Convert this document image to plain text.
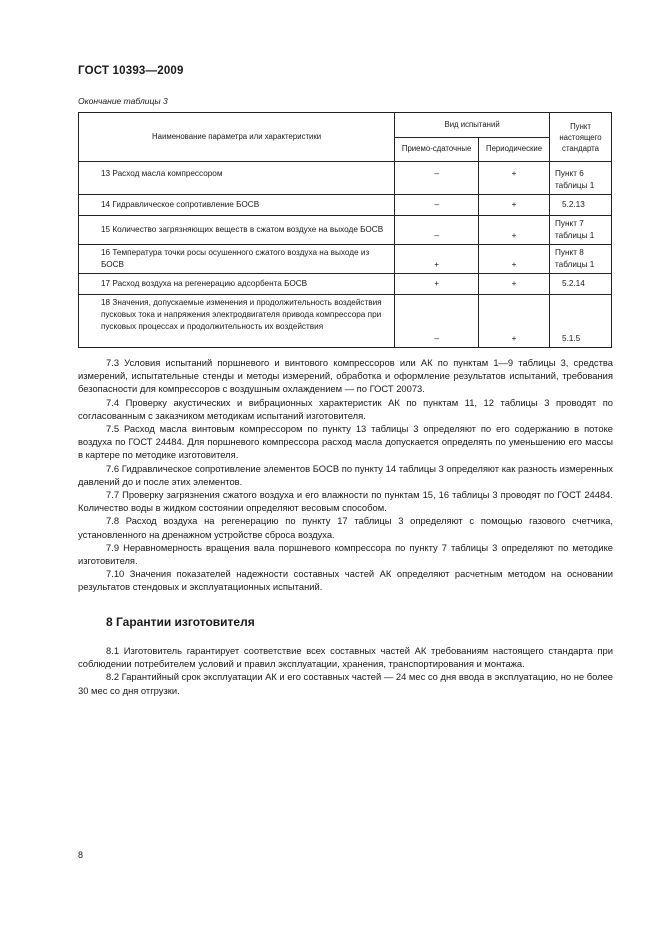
ГОСТ 10393—2009
Окончание таблицы 3
Наименование параметра или характеристики	Вид испытаний		Пункт настоящего стандарта
	Приемо-сдаточные	Периодические	
13 Расход масла компрессором	–	+	Пункт 6 таблицы 1
14 Гидравлическое сопротивление БОСВ	–	+	5.2.13
15 Количество загрязняющих веществ в сжатом воздухе на выходе БОСВ	–	+	Пункт 7 таблицы 1
16 Температура точки росы осушенного сжатого воздуха на выходе из БОСВ	+	+	Пункт 8 таблицы 1
17 Расход воздуха на регенерацию адсорбента БОСВ	+	+	5.2.14
18 Значения, допускаемые изменения и продолжительность воздействия пусковых тока и напряжения электродвигателя привода компрессора при пусковых процессах и продолжительность их воздействия	–	+	5.1.5

7.3 Условия испытаний поршневого и винтового компрессоров или АК по пунктам 1—9 таблицы 3, средства измерений, испытательные стенды и методы измерений, обработка и оформление результатов испытаний, требования безопасности для компрессоров с воздушным охлаждением — по ГОСТ 20073.

7.4 Проверку акустических и вибрационных характеристик АК по пунктам 11, 12 таблицы 3 проводят по согласованным с заказчиком методикам испытаний изготовителя.

7.5 Расход масла винтовым компрессором по пункту 13 таблицы 3 определяют по его содержанию в потоке воздуха по ГОСТ 24484. Для поршневого компрессора расход масла допускается определять по уменьшению его массы в картере по методике изготовителя.

7.6 Гидравлическое сопротивление элементов БОСВ по пункту 14 таблицы 3 определяют как разность измеренных давлений до и после этих элементов.

7.7 Проверку загрязнения сжатого воздуха и его влажности по пунктам 15, 16 таблицы 3 проводят по ГОСТ 24484. Количество воды в жидком состоянии определяют весовым способом.

7.8 Расход воздуха на регенерацию по пункту 17 таблицы 3 определяют с помощью газового счетчика, установленного на дренажном устройстве сброса воздуха.

7.9 Неравномерность вращения вала поршневого компрессора по пункту 7 таблицы 3 определяют по методике изготовителя.

7.10 Значения показателей надежности составных частей АК определяют расчетным методом на основании результатов стендовых и эксплуатационных испытаний.

8 Гарантии изготовителя

8.1 Изготовитель гарантирует соответствие всех составных частей АК требованиям настоящего стандарта при соблюдении потребителем условий и правил эксплуатации, хранения, транспортирования и монтажа.

8.2 Гарантийный срок эксплуатации АК и его составных частей — 24 мес со дня ввода в эксплуатацию, но не более 30 мес со дня отгрузки.

8
